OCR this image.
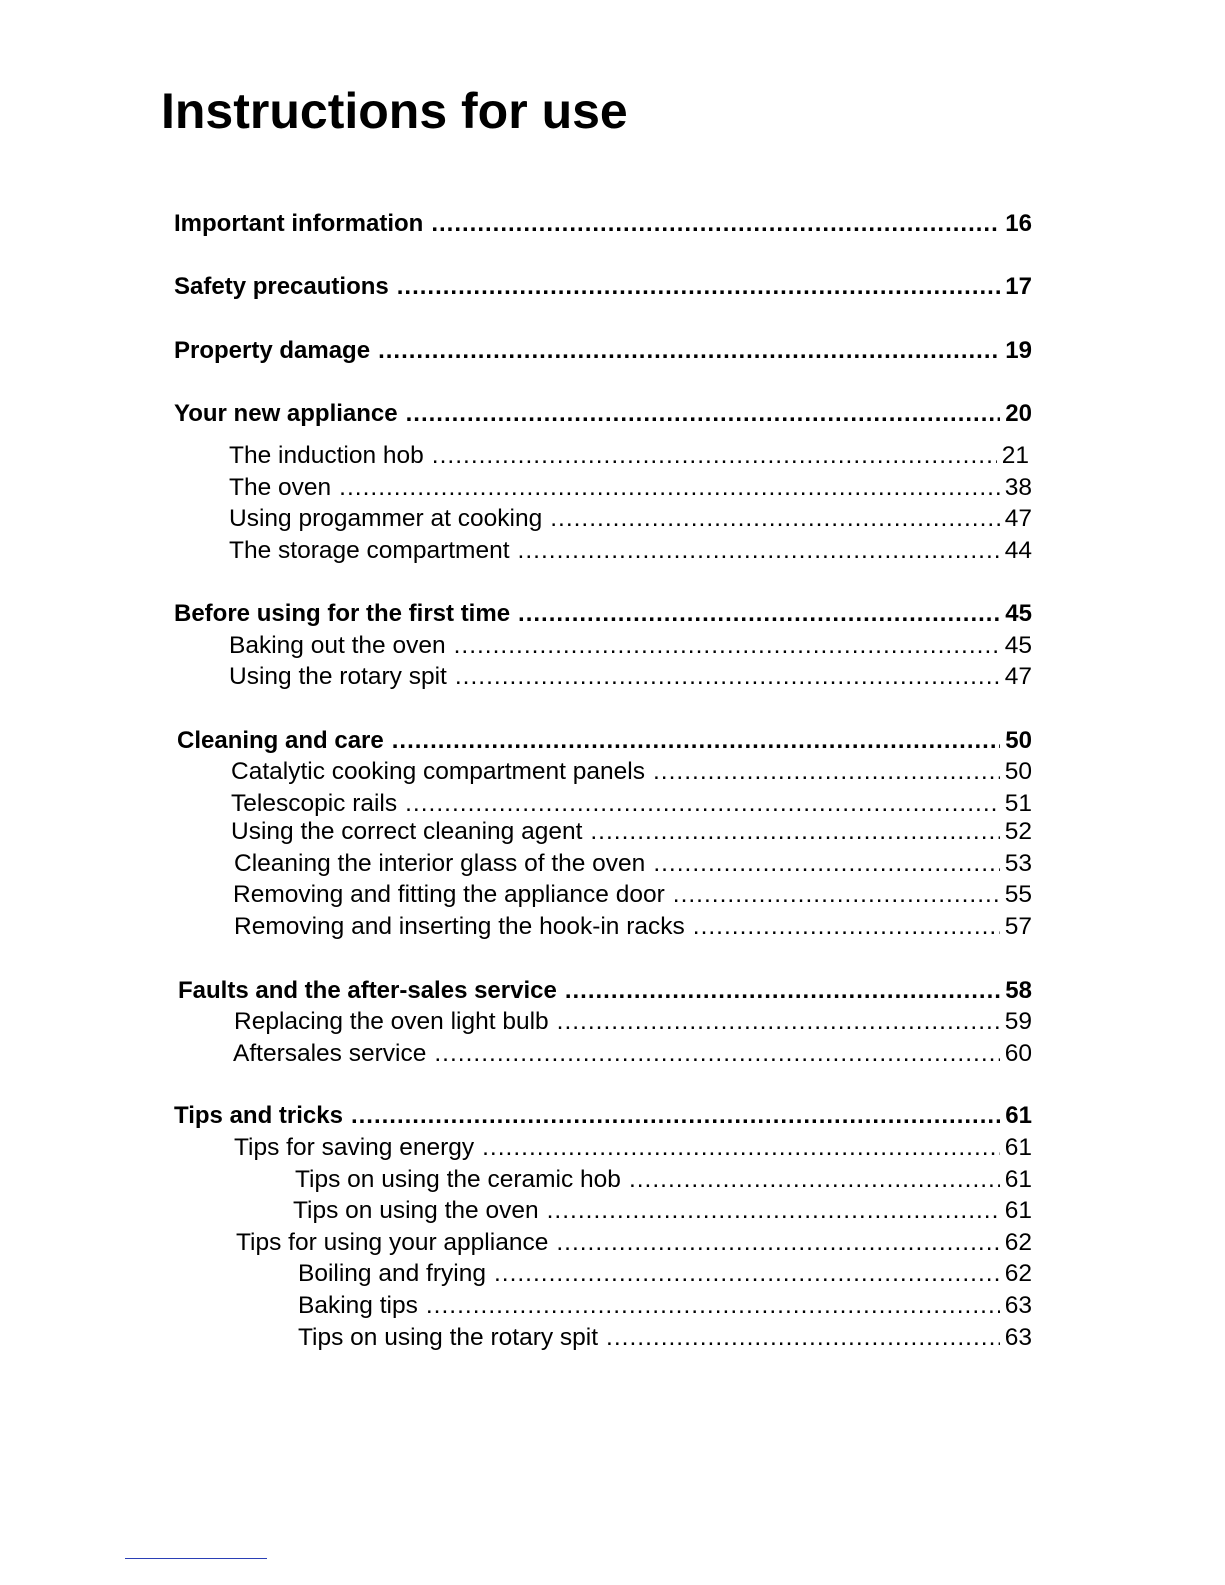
Instructions for use
Important information .....	16
Safety precautions .....	17
Property damage .....	19
Your new appliance .....	20
The induction hob .....	21
The oven .....	38
Using progammer at cooking .....	47
The storage compartment .....	44
Before using for the first time .....	45
Baking out the oven .....	45
Using the rotary spit .....	47
Cleaning and care .....	50
Catalytic cooking compartment panels .....	50
Telescopic rails .....	51
Using the correct cleaning agent .....	52
Cleaning the interior glass of the oven .....	53
Removing and fitting the appliance door .....	55
Removing and inserting the hook-in racks .....	57
Faults and the after-sales service .....	58
Replacing the oven light bulb .....	59
Aftersales service .....	60
Tips and tricks .....	61
Tips for saving energy .....	61
Tips on using the ceramic hob .....	61
Tips on using the oven .....	61
Tips for using your appliance .....	62
Boiling and frying .....	62
Baking tips .....	63
Tips on using the rotary spit .....	63
